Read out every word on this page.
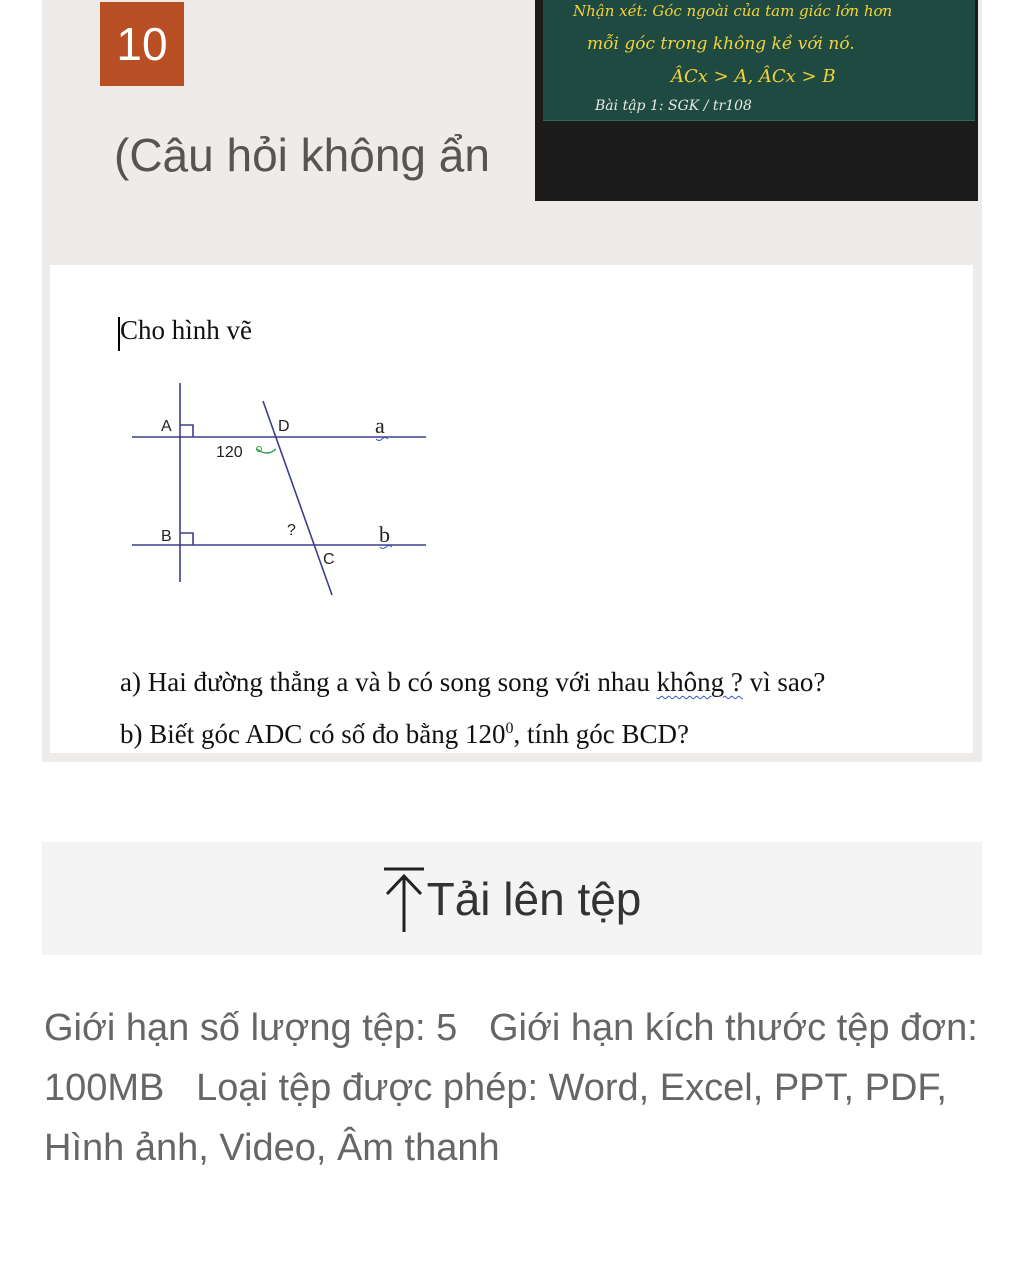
10
(Câu hỏi không ẩn
Nhận xét: Góc ngoài của tam giác lớn hơn
mỗi góc trong không kề với nó.
ÂCx > A, ÂCx > B
Bài tập 1: SGK / tr108
Cho hình vẽ
A	D
120
B	?
C
a
b
a) Hai đường thẳng a và b có song song với nhau không ? vì sao?
b) Biết góc ADC có số đo bằng $120^0$, tính góc BCD?
Tải lên tệp
Giới hạn số lượng tệp: 5 Giới hạn kích thước tệp đơn: 100MB Loại tệp được phép: Word, Excel, PPT, PDF, Hình ảnh, Video, Âm thanh
